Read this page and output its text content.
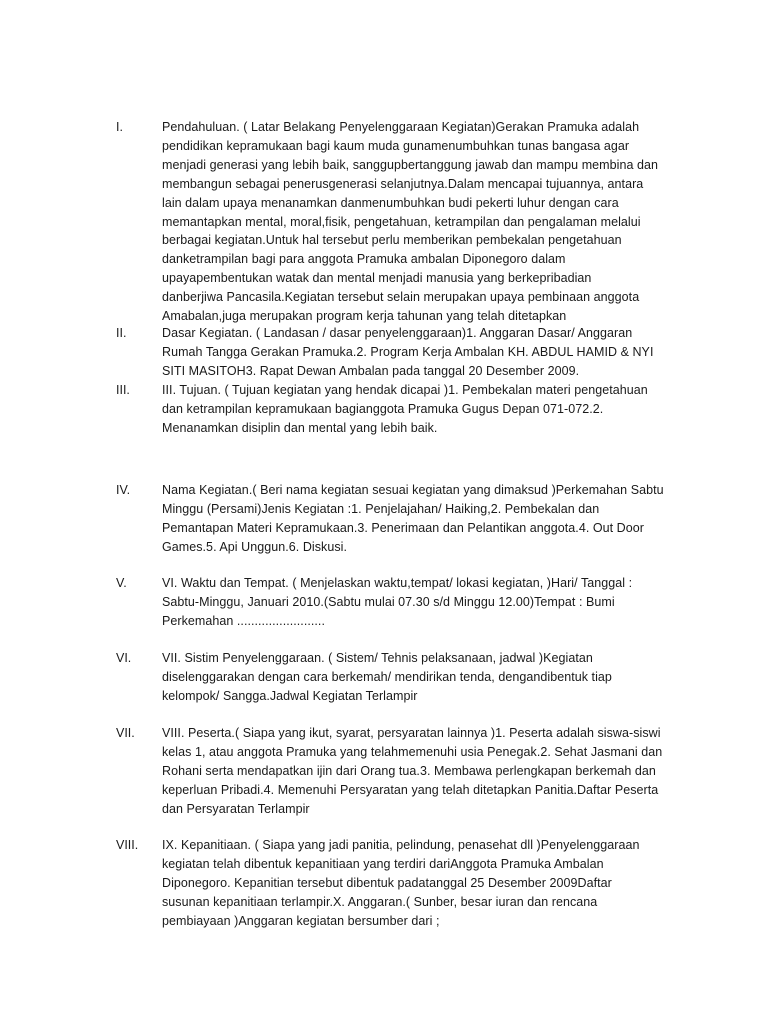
I.	Pendahuluan. ( Latar Belakang Penyelenggaraan Kegiatan)Gerakan Pramuka adalah
pendidikan kepramukaan bagi kaum muda gunamenumbuhkan tunas bangasa agar
menjadi generasi yang lebih baik, sanggupbertanggung jawab dan mampu membina dan
membangun sebagai penerusgenerasi selanjutnya.Dalam mencapai tujuannya, antara
lain dalam upaya menanamkan danmenumbuhkan budi pekerti luhur dengan cara
memantapkan mental, moral,fisik, pengetahuan, ketrampilan dan pengalaman melalui
berbagai kegiatan.Untuk hal tersebut perlu memberikan pembekalan pengetahuan
danketrampilan bagi para anggota Pramuka ambalan Diponegoro dalam
upayapembentukan watak dan mental menjadi manusia yang berkepribadian
danberjiwa Pancasila.Kegiatan tersebut selain merupakan upaya pembinaan anggota
Amabalan,juga merupakan program kerja tahunan yang telah ditetapkan
II.	Dasar Kegiatan. ( Landasan / dasar penyelenggaraan)1. Anggaran Dasar/ Anggaran
Rumah Tangga Gerakan Pramuka.2. Program Kerja Ambalan KH. ABDUL HAMID & NYI
SITI MASITOH3. Rapat Dewan Ambalan pada tanggal 20 Desember 2009.
III.	III. Tujuan. ( Tujuan kegiatan yang hendak dicapai )1. Pembekalan materi pengetahuan
dan ketrampilan kepramukaan bagianggota Pramuka Gugus Depan 071-072.2.
Menanamkan disiplin dan mental yang lebih baik.
IV.	Nama Kegiatan.( Beri nama kegiatan sesuai kegiatan yang dimaksud )Perkemahan Sabtu
Minggu (Persami)Jenis Kegiatan :1. Penjelajahan/ Haiking,2. Pembekalan dan
Pemantapan Materi Kepramukaan.3. Penerimaan dan Pelantikan anggota.4. Out Door
Games.5. Api Unggun.6. Diskusi.
V.	VI. Waktu dan Tempat. ( Menjelaskan waktu,tempat/ lokasi kegiatan, )Hari/ Tanggal :
Sabtu-Minggu, Januari 2010.(Sabtu mulai 07.30 s/d Minggu 12.00)Tempat : Bumi
Perkemahan .........................
VI.	VII. Sistim Penyelenggaraan. ( Sistem/ Tehnis pelaksanaan, jadwal )Kegiatan
diselenggarakan dengan cara berkemah/ mendirikan tenda, dengandibentuk tiap
kelompok/ Sangga.Jadwal Kegiatan Terlampir
VII.	VIII. Peserta.( Siapa yang ikut, syarat, persyaratan lainnya )1. Peserta adalah siswa-siswi
kelas 1, atau anggota Pramuka yang telahmemenuhi usia Penegak.2. Sehat Jasmani dan
Rohani serta mendapatkan ijin dari Orang tua.3. Membawa perlengkapan berkemah dan
keperluan Pribadi.4. Memenuhi Persyaratan yang telah ditetapkan Panitia.Daftar Peserta
dan Persyaratan Terlampir
VIII.	IX. Kepanitiaan. ( Siapa yang jadi panitia, pelindung, penasehat dll )Penyelenggaraan
kegiatan telah dibentuk kepanitiaan yang terdiri dariAnggota Pramuka Ambalan
Diponegoro. Kepanitian tersebut dibentuk padatanggal 25 Desember 2009Daftar
susunan kepanitiaan terlampir.X. Anggaran.( Sunber, besar iuran dan rencana
pembiayaan )Anggaran kegiatan bersumber dari ;
